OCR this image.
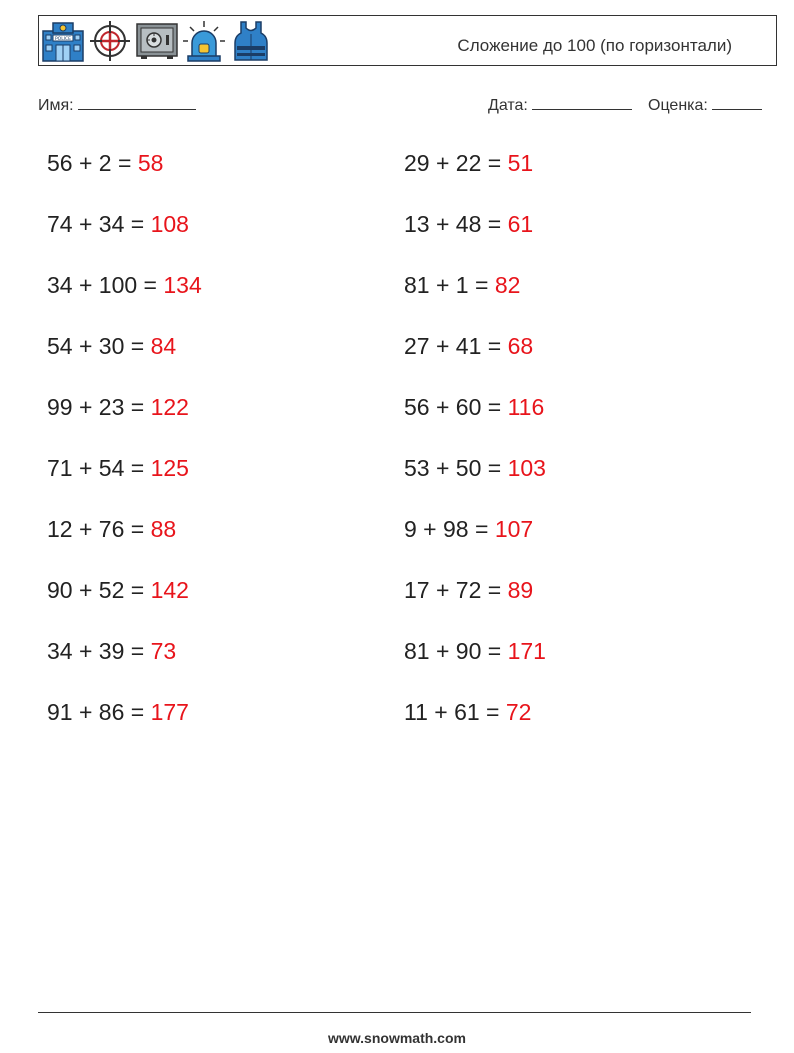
POLICE	Сложение до 100 (по горизонтали)
Имя:	Дата:	Оценка:
56 + 2 = 58	29 + 22 = 51
74 + 34 = 108	13 + 48 = 61
34 + 100 = 134	81 + 1 = 82
54 + 30 = 84	27 + 41 = 68
99 + 23 = 122	56 + 60 = 116
71 + 54 = 125	53 + 50 = 103
12 + 76 = 88	9 + 98 = 107
90 + 52 = 142	17 + 72 = 89
34 + 39 = 73	81 + 90 = 171
91 + 86 = 177	11 + 61 = 72
www.snowmath.com
